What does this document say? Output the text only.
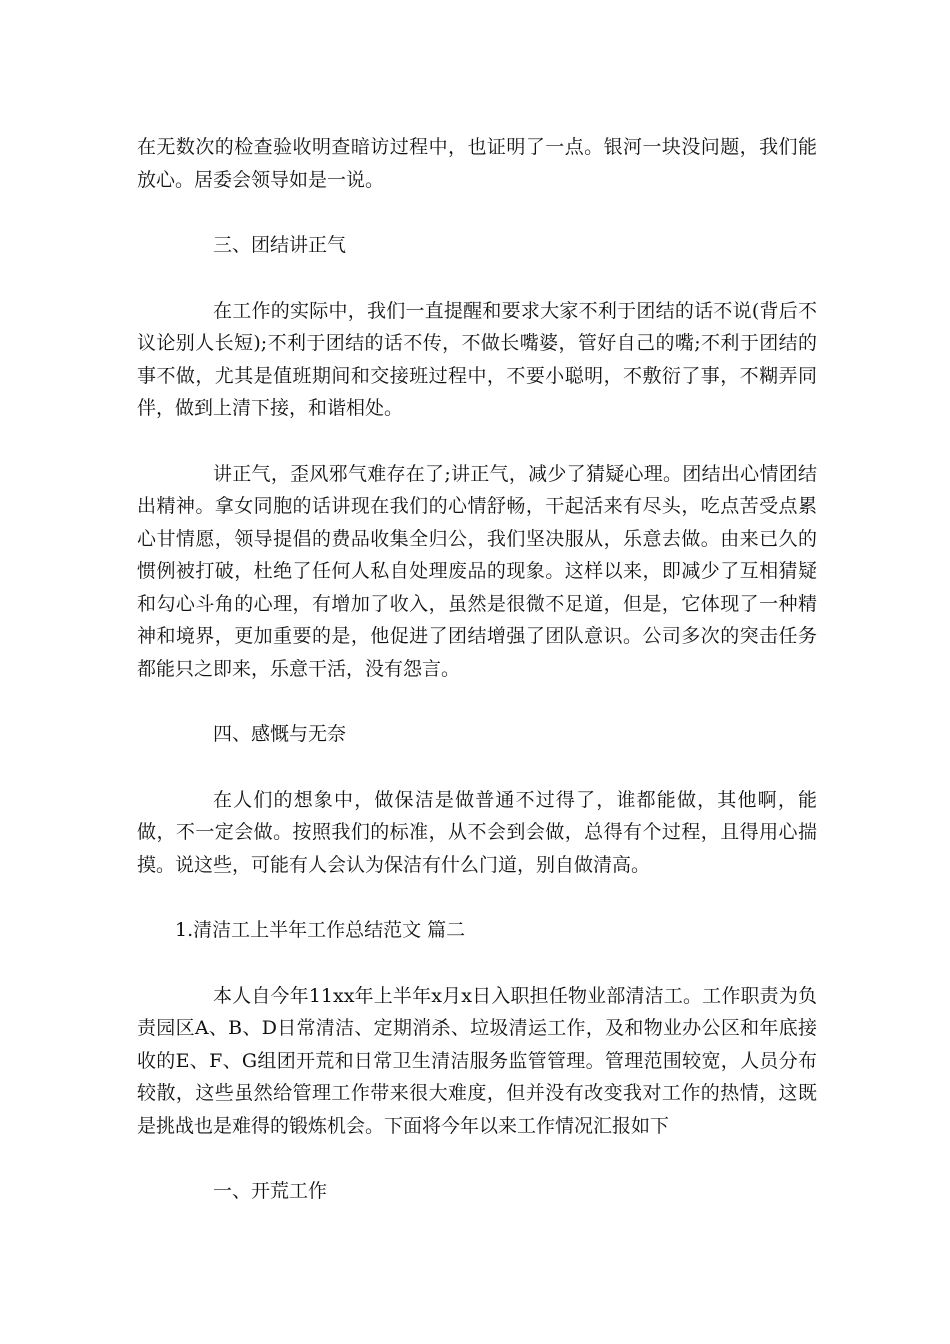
在无数次的检查验收明查暗访过程中，也证明了一点。银河一块没问题，我们能放心。居委会领导如是一说。

三、团结讲正气

在工作的实际中，我们一直提醒和要求大家不利于团结的话不说(背后不议论别人长短);不利于团结的话不传，不做长嘴婆，管好自己的嘴;不利于团结的事不做，尤其是值班期间和交接班过程中，不要小聪明，不敷衍了事，不糊弄同伴，做到上清下接，和谐相处。

讲正气，歪风邪气难存在了;讲正气，减少了猜疑心理。团结出心情团结出精神。拿女同胞的话讲现在我们的心情舒畅，干起活来有尽头，吃点苦受点累心甘情愿，领导提倡的费品收集全归公，我们坚决服从，乐意去做。由来已久的惯例被打破，杜绝了任何人私自处理废品的现象。这样以来，即减少了互相猜疑和勾心斗角的心理，有增加了收入，虽然是很微不足道，但是，它体现了一种精神和境界，更加重要的是，他促进了团结增强了团队意识。公司多次的突击任务都能只之即来，乐意干活，没有怨言。

四、感慨与无奈

在人们的想象中，做保洁是做普通不过得了，谁都能做，其他啊，能做，不一定会做。按照我们的标准，从不会到会做，总得有个过程，且得用心揣摸。说这些，可能有人会认为保洁有什么门道，别自做清高。

1.清洁工上半年工作总结范文 篇二

本人自今年11xx年上半年x月x日入职担任物业部清洁工。工作职责为负责园区A、B、D日常清洁、定期消杀、垃圾清运工作，及和物业办公区和年底接收的E、F、G组团开荒和日常卫生清洁服务监管管理。管理范围较宽，人员分布较散，这些虽然给管理工作带来很大难度，但并没有改变我对工作的热情，这既是挑战也是难得的锻炼机会。下面将今年以来工作情况汇报如下

一、开荒工作
